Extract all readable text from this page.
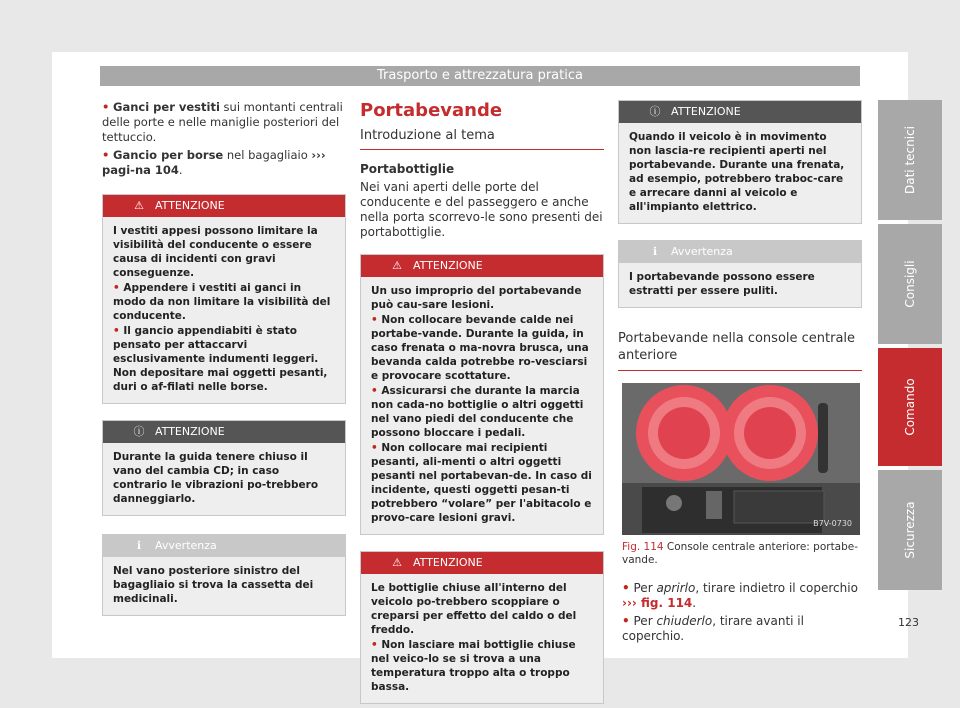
Trasporto e attrezzatura pratica

• Ganci per vestiti sui montanti centrali delle porte e nelle maniglie posteriori del tettuccio.

• Gancio per borse nel bagagliaio ››› pagi-na 104.

⚠ ATTENZIONE

I vestiti appesi possono limitare la visibilità del conducente o essere causa di incidenti con gravi conseguenze.

• Appendere i vestiti ai ganci in modo da non limitare la visibilità del conducente.

• Il gancio appendiabiti è stato pensato per attaccarvi esclusivamente indumenti leggeri. Non depositare mai oggetti pesanti, duri o af-filati nelle borse.

ⓘ ATTENZIONE

Durante la guida tenere chiuso il vano del cambia CD; in caso contrario le vibrazioni po-trebbero danneggiarlo.

ℹ Avvertenza

Nel vano posteriore sinistro del bagagliaio si trova la cassetta dei medicinali.

Portabevande
Introduzione al tema

Portabottiglie

Nei vani aperti delle porte del conducente e del passeggero e anche nella porta scorrevo-le sono presenti dei portabottiglie.

⚠ ATTENZIONE

Un uso improprio del portabevande può cau-sare lesioni.

• Non collocare bevande calde nei portabe-vande. Durante la guida, in caso frenata o ma-novra brusca, una bevanda calda potrebbe ro-vesciarsi e provocare scottature.

• Assicurarsi che durante la marcia non cada-no bottiglie o altri oggetti nel vano piedi del conducente che possono bloccare i pedali.

• Non collocare mai recipienti pesanti, ali-menti o altri oggetti pesanti nel portabevan-de. In caso di incidente, questi oggetti pesan-ti potrebbero “volare” per l'abitacolo e provo-care lesioni gravi.

⚠ ATTENZIONE

Le bottiglie chiuse all'interno del veicolo po-trebbero scoppiare o creparsi per effetto del caldo o del freddo.

• Non lasciare mai bottiglie chiuse nel veico-lo se si trova a una temperatura troppo alta o troppo bassa.

ⓘ ATTENZIONE

Quando il veicolo è in movimento non lascia-re recipienti aperti nel portabevande. Durante una frenata, ad esempio, potrebbero traboc-care e arrecare danni al veicolo e all'impianto elettrico.

ℹ Avvertenza

I portabevande possono essere estratti per essere puliti.

Portabevande nella console centrale anteriore
B7V-0730

Fig. 114 Console centrale anteriore: portabe-vande.

• Per aprirlo, tirare indietro il coperchio
››› fig. 114.

• Per chiuderlo, tirare avanti il coperchio.

Dati tecnici
Consigli
Comando
Sicurezza
123
